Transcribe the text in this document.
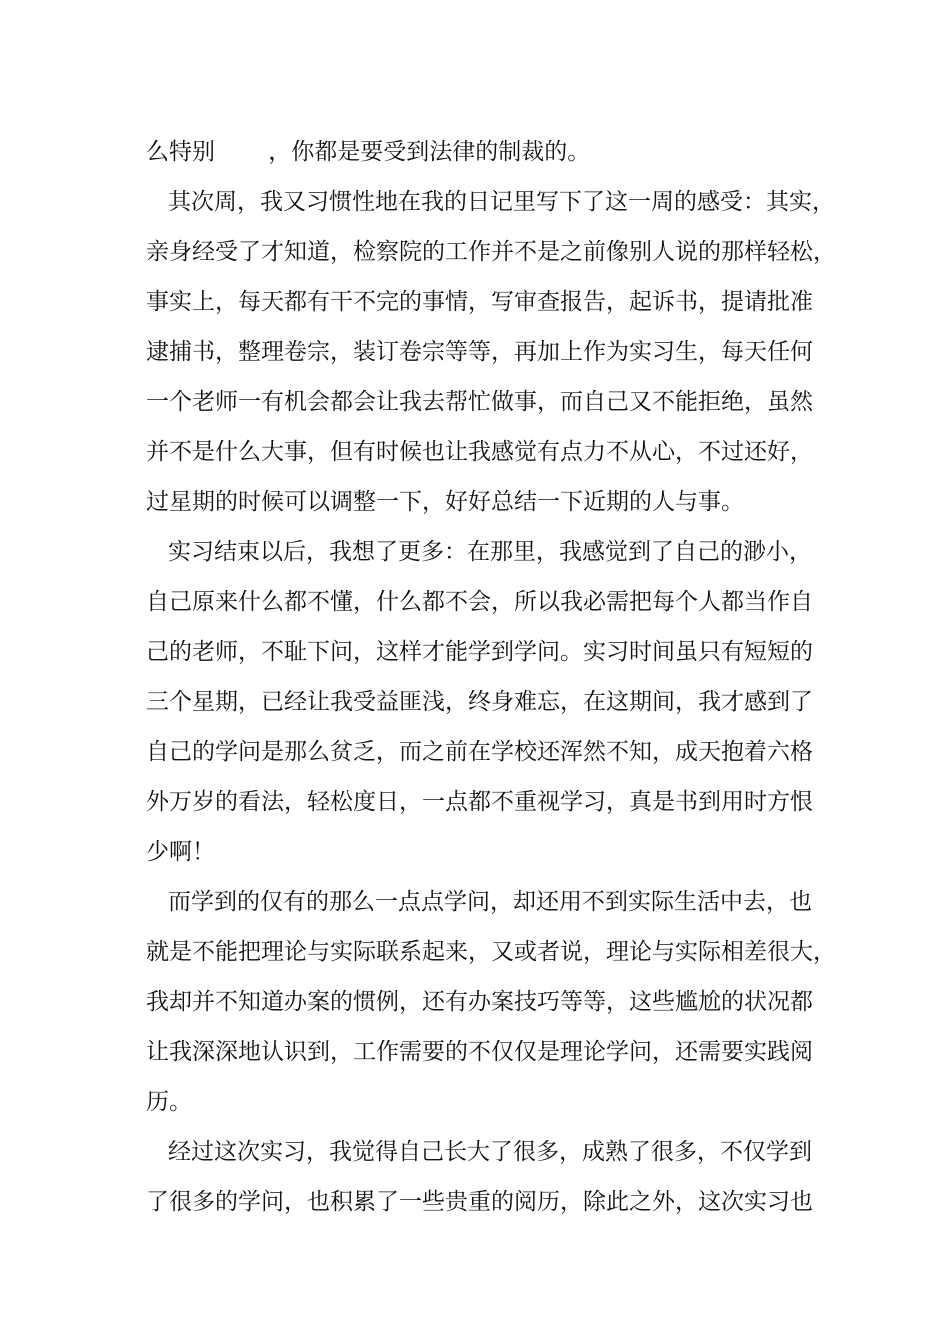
么特别　　 ，你都是要受到法律的制裁的。
其次周，我又习惯性地在我的日记里写下了这一周的感受：其实，
亲身经受了才知道，检察院的工作并不是之前像别人说的那样轻松，
事实上，每天都有干不完的事情，写审查报告，起诉书，提请批准
逮捕书，整理卷宗，装订卷宗等等，再加上作为实习生，每天任何
一个老师一有机会都会让我去帮忙做事，而自己又不能拒绝，虽然
并不是什么大事，但有时候也让我感觉有点力不从心，不过还好，
过星期的时候可以调整一下，好好总结一下近期的人与事。
实习结束以后，我想了更多：在那里，我感觉到了自己的渺小，
自己原来什么都不懂，什么都不会，所以我必需把每个人都当作自
己的老师，不耻下问，这样才能学到学问。实习时间虽只有短短的
三个星期，已经让我受益匪浅，终身难忘，在这期间，我才感到了
自己的学问是那么贫乏，而之前在学校还浑然不知，成天抱着六格
外万岁的看法，轻松度日，一点都不重视学习，真是书到用时方恨
少啊！
而学到的仅有的那么一点点学问，却还用不到实际生活中去，也
就是不能把理论与实际联系起来，又或者说，理论与实际相差很大，
我却并不知道办案的惯例，还有办案技巧等等，这些尴尬的状况都
让我深深地认识到，工作需要的不仅仅是理论学问，还需要实践阅
历。
经过这次实习，我觉得自己长大了很多，成熟了很多，不仅学到
了很多的学问，也积累了一些贵重的阅历，除此之外，这次实习也
